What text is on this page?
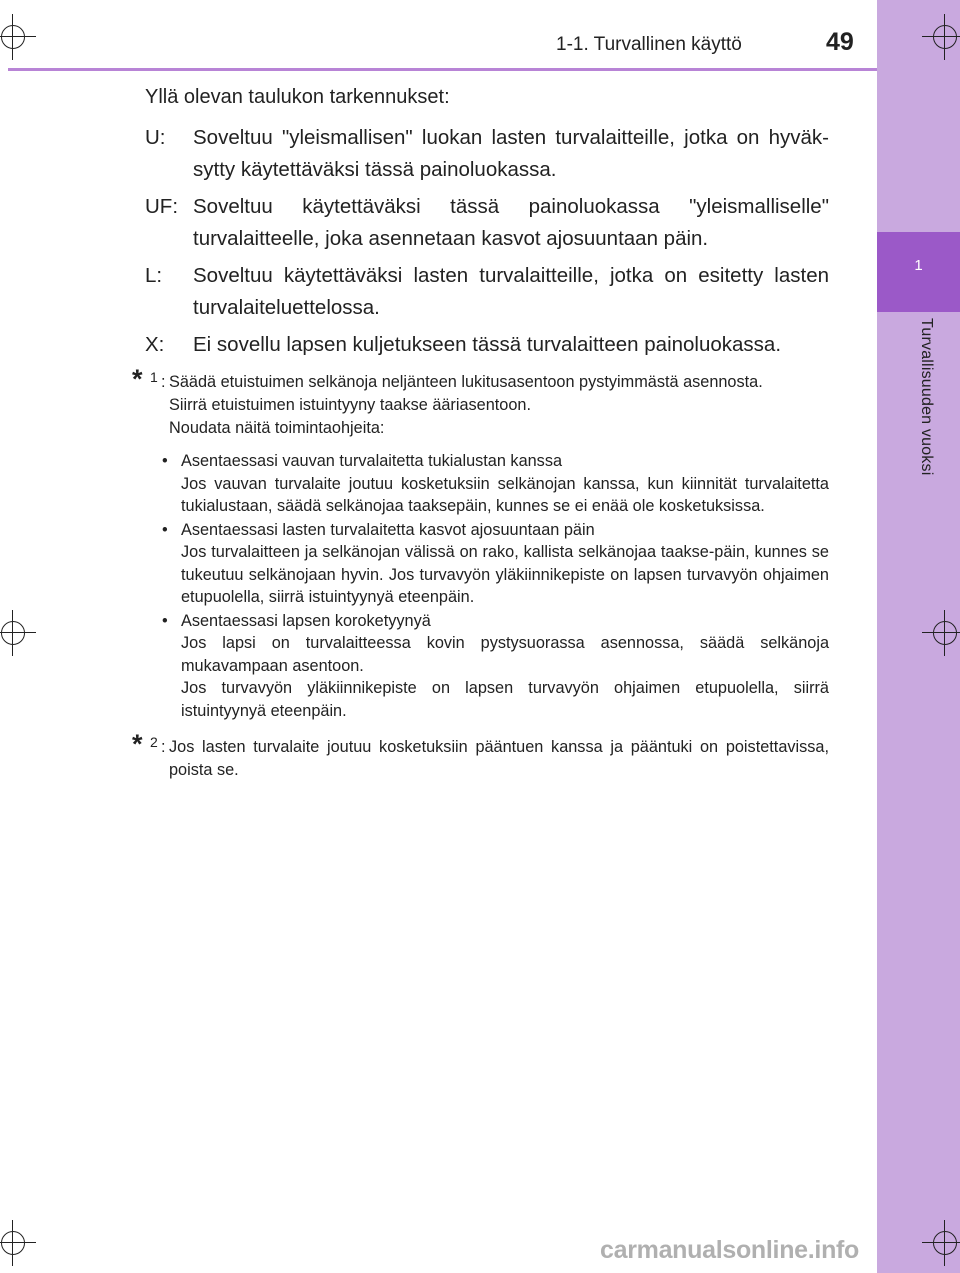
1
Turvallisuuden vuoksi
1-1. Turvallinen käyttö	49

Yllä olevan taulukon tarkennukset:

U:	Soveltuu "yleismallisen" luokan lasten turvalaitteille, jotka on hyväk-sytty käytettäväksi tässä painoluokassa.
UF: Soveltuu käytettäväksi tässä painoluokassa "yleismalliselle" turvalaitteelle, joka asennetaan kasvot ajosuuntaan päin.
L:	Soveltuu käytettäväksi lasten turvalaitteille, jotka on esitetty lasten turvalaiteluettelossa.
X:	Ei sovellu lapsen kuljetukseen tässä turvalaitteen painoluokassa.
* 1 : Säädä etuistuimen selkänoja neljänteen lukitusasentoon pystyimmästä asennosta.
Siirrä etuistuimen istuintyyny taakse ääriasentoon.
Noudata näitä toimintaohjeita:
• Asentaessasi vauvan turvalaitetta tukialustan kanssa
Jos vauvan turvalaite joutuu kosketuksiin selkänojan kanssa, kun kiinnität turvalaitetta tukialustaan, säädä selkänojaa taaksepäin, kunnes se ei enää ole kosketuksissa.
• Asentaessasi lasten turvalaitetta kasvot ajosuuntaan päin
Jos turvalaitteen ja selkänojan välissä on rako, kallista selkänojaa taakse-päin, kunnes se tukeutuu selkänojaan hyvin. Jos turvavyön yläkiinnikepiste on lapsen turvavyön ohjaimen etupuolella, siirrä istuintyynyä eteenpäin.
• Asentaessasi lapsen koroketyynyä
Jos lapsi on turvalaitteessa kovin pystysuorassa asennossa, säädä selkänoja mukavampaan asentoon.
Jos turvavyön yläkiinnikepiste on lapsen turvavyön ohjaimen etupuolella, siirrä istuintyynyä eteenpäin.
* 2 : Jos lasten turvalaite joutuu kosketuksiin pääntuen kanssa ja pääntuki on poistettavissa, poista se.
carmanualsonline.info
